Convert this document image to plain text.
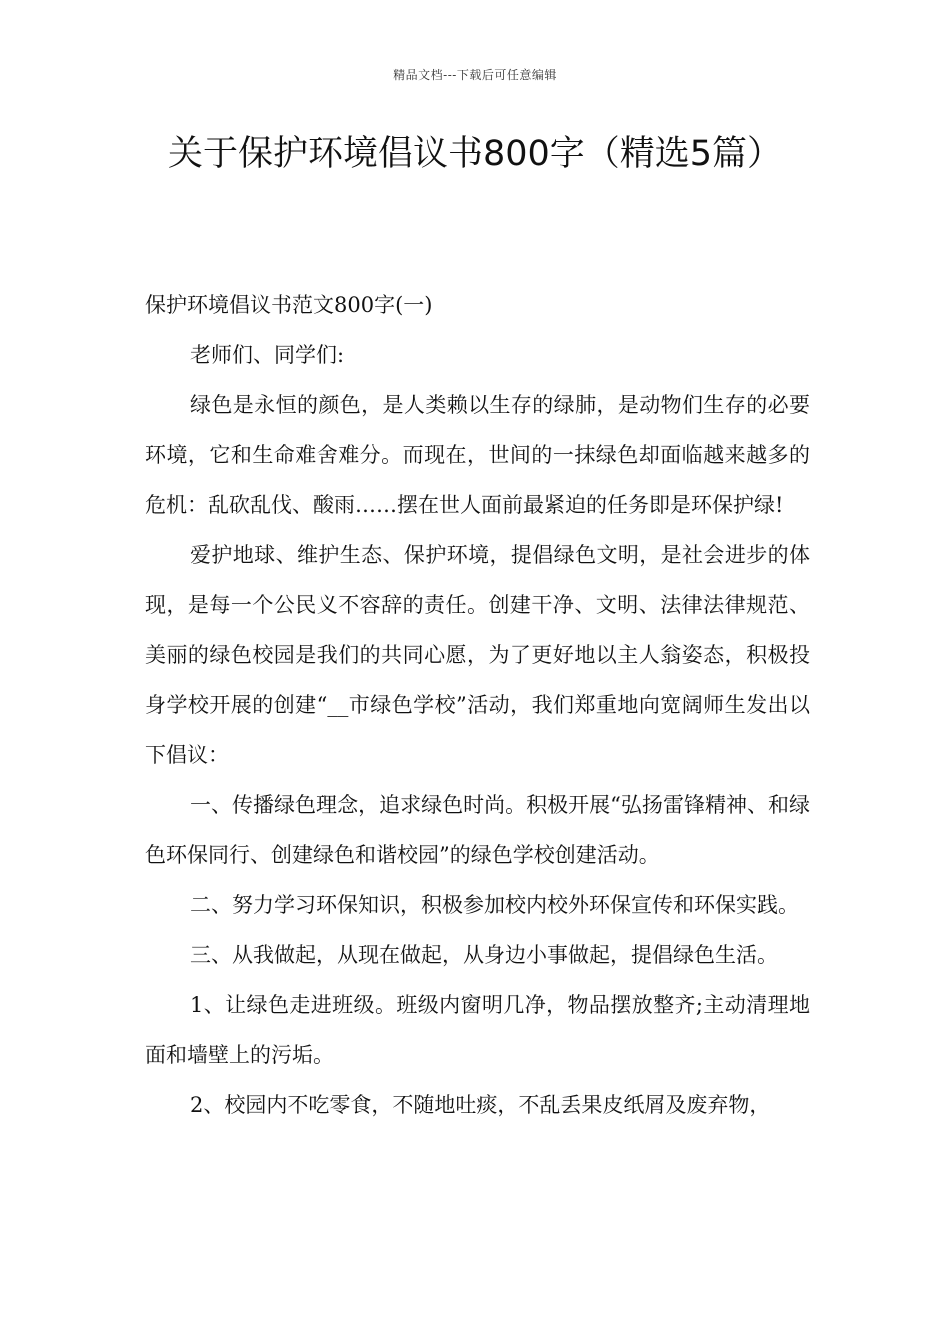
精品文档---下载后可任意编辑
关于保护环境倡议书800字（精选5篇）

保护环境倡议书范文800字(一)

老师们、同学们:

绿色是永恒的颜色，是人类赖以生存的绿肺，是动物们生存的必要环境，它和生命难舍难分。而现在，世间的一抹绿色却面临越来越多的危机：乱砍乱伐、酸雨……摆在世人面前最紧迫的任务即是环保护绿!

爱护地球、维护生态、保护环境，提倡绿色文明，是社会进步的体现，是每一个公民义不容辞的责任。创建干净、文明、法律法律规范、美丽的绿色校园是我们的共同心愿，为了更好地以主人翁姿态，积极投身学校开展的创建“__市绿色学校”活动，我们郑重地向宽阔师生发出以下倡议：

一、传播绿色理念，追求绿色时尚。积极开展“弘扬雷锋精神、和绿色环保同行、创建绿色和谐校园”的绿色学校创建活动。

二、努力学习环保知识，积极参加校内校外环保宣传和环保实践。

三、从我做起，从现在做起，从身边小事做起，提倡绿色生活。

1、让绿色走进班级。班级内窗明几净，物品摆放整齐;主动清理地面和墙壁上的污垢。

2、校园内不吃零食，不随地吐痰，不乱丢果皮纸屑及废弃物，
